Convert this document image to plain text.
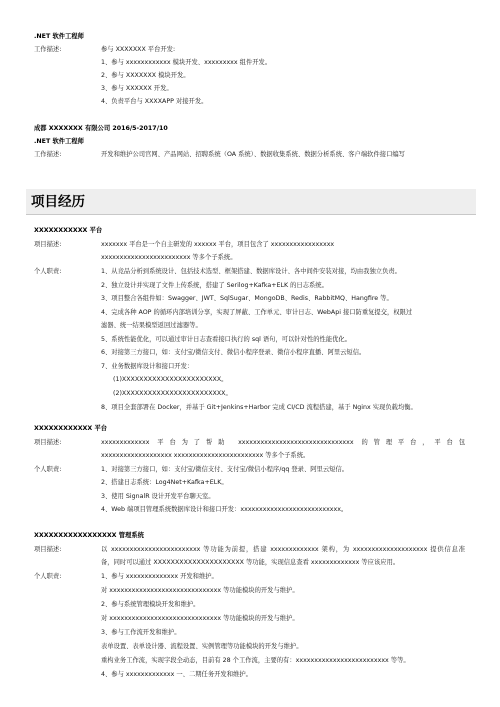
.NET 软件工程师
工作描述:	参与 XXXXXXX 平台开发:
1、参与 xxxxxxxxxxxx 模块开发、xxxxxxxxx 组件开发。
2、参与 XXXXXXX 模块开发。
3、参与 XXXXXX 开发。
4、负责平台与 XXXXAPP 对接开发。
成都 XXXXXXX 有限公司 2016/5-2017/10
.NET 软件工程师
工作描述:	开发和维护公司官网、产品网站、招聘系统（OA 系统）、数据收集系统、数据分析系统、客户端软件接口编写
项目经历
XXXXXXXXXXX 平台
项目描述:	xxxxxxx 平台是一个自主研发的 xxxxxx 平台，项目包含了 xxxxxxxxxxxxxxxxx
xxxxxxxxxxxxxxxxxxxxxxxx 等多个子系统。
个人职责:	1、从竞品分析到系统设计、包括技术选型、框架搭建、数据库设计、各中间件安装对接，均由我独立负责。
2、独立设计并实现了文件上传系统，搭建了 Serilog+Kafka+ELK 的日志系统。
3、项目整合各组件如：Swagger、JWT、SqlSugar、MongoDB、Redis、RabbitMQ、Hangfire 等。
4、完成各种 AOP 的循环内部培训分享，实现了屏蔽、工作单元、审计日志、WebApi 接口防重复提交，权限过
滤器、统一结果模型返回过滤器等。
5、系统性能优化，可以通过审计日志查看接口执行的 sql 语句，可以针对性的性能优化。
6、对接第三方接口，如：支付宝/微信支付、微信小程序登录、微信小程序直播、阿里云短信。
7、业务数据库设计和接口开发：
(1)XXXXXXXXXXXXXXXXXXXXXXX。
(2)XXXXXXXXXXXXXXXXXXXXXXXX。
8、项目全套部署在 Docker，并基于 Git+Jenkins+Harbor 完成 CI/CD 流程搭建，基于 Nginx 实现负载均衡。
XXXXXXXXXXXX 平台
项目描述:	xxxxxxxxxxxxx 平台为了帮助 xxxxxxxxxxxxxxxxxxxxxxxxxxxxxxx 的管理平台，平台包
xxxxxxxxxxxxxxxxxxx xxxxxxxxxxxxxxxxxxxxxxxx 等多个子系统。
个人职责:	1、对接第三方接口，如：支付宝/微信支付、支付宝/微信小程序/qq 登录、阿里云短信。
2、搭建日志系统：Log4Net+Kafka+ELK。
3、使用 SignalR 设计开发平台聊天室。
4、Web 端项目管理系统数据库设计和接口开发：xxxxxxxxxxxxxxxxxxxxxxxxxxx。
XXXXXXXXXXXXXXXXX 管理系统
项目描述:	以 xxxxxxxxxxxxxxxxxxxxxxxx 等功能为前提，搭建 xxxxxxxxxxxxx 架构，为 xxxxxxxxxxxxxxxxxxxx 提供信息准
备，同时可以通过 XXXXXXXXXXXXXXXXXXXXX 等功能，实现信息查看 xxxxxxxxxxxxx 等应该应用。
个人职责:	1、参与 xxxxxxxxxxxxxx 开发和维护。
对 xxxxxxxxxxxxxxxxxxxxxxxxxxxxxx 等功能模块的开发与维护。
2、参与系统管理模块开发和维护。
对 xxxxxxxxxxxxxxxxxxxxxxxxxxxxxx 等功能模块的开发与维护。
3、参与工作流开发和维护。
表单设置、表单设计器、流程设置、实例管理等功能模块的开发与维护。
重构业务工作流，实现字段全动态，目前有 28 个工作流，主要的有：xxxxxxxxxxxxxxxxxxxxxxxxx 等等。
4、参与 xxxxxxxxxxxxx 一、二期任务开发和维护。
